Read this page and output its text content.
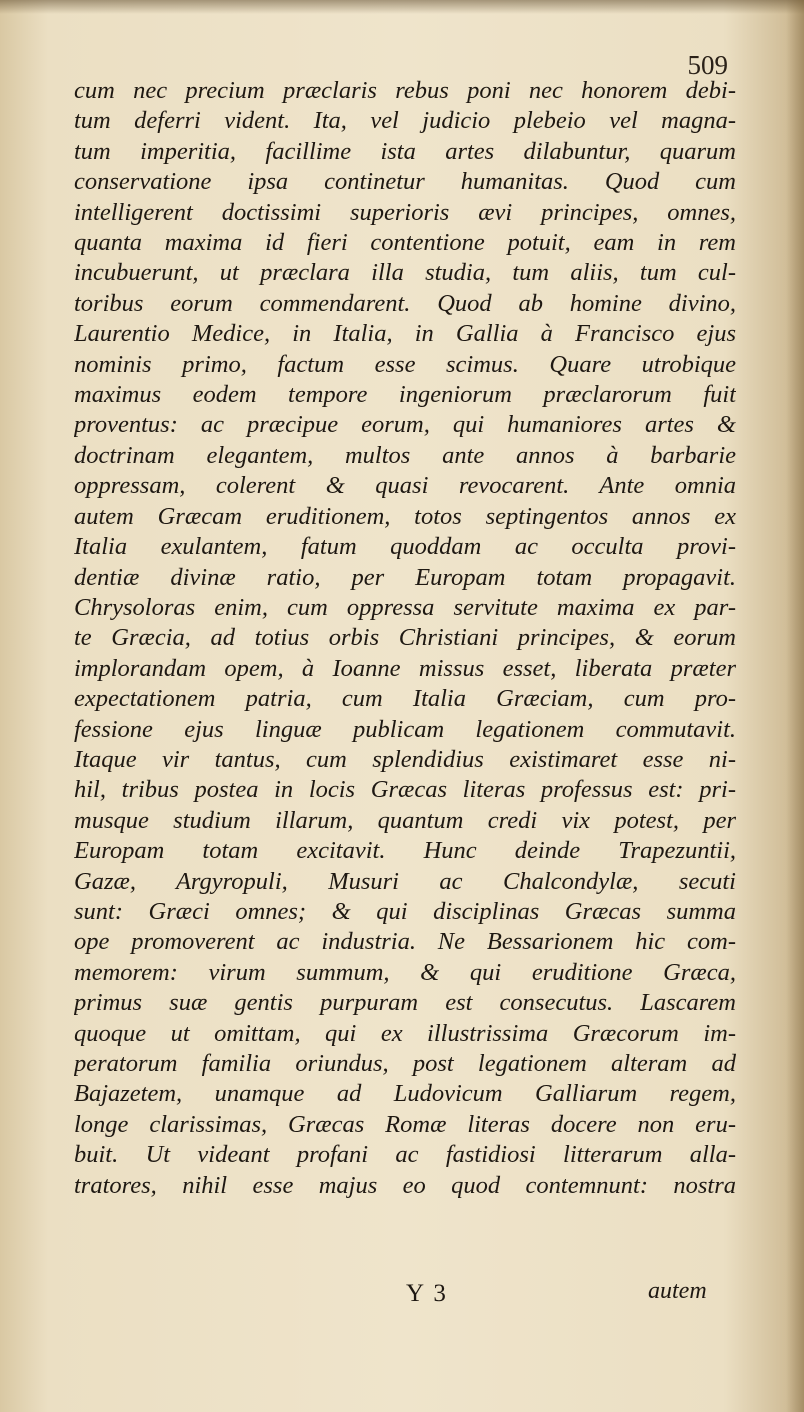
509
cum nec precium præclaris rebus poni nec honorem debi-
tum deferri vident. Ita, vel judicio plebeio vel magna-
tum imperitia, facillime ista artes dilabuntur, quarum
conservatione ipsa continetur humanitas. Quod cum
intelligerent doctissimi superioris ævi principes, omnes,
quanta maxima id fieri contentione potuit, eam in rem
incubuerunt, ut præclara illa studia, tum aliis, tum cul-
toribus eorum commendarent. Quod ab homine divino,
Laurentio Medice, in Italia, in Gallia à Francisco ejus
nominis primo, factum esse scimus. Quare utrobique
maximus eodem tempore ingeniorum præclarorum fuit
proventus: ac præcipue eorum, qui humaniores artes &
doctrinam elegantem, multos ante annos à barbarie
oppressam, colerent & quasi revocarent. Ante omnia
autem Græcam eruditionem, totos septingentos annos ex
Italia exulantem, fatum quoddam ac occulta provi-
dentiæ divinæ ratio, per Europam totam propagavit.
Chrysoloras enim, cum oppressa servitute maxima ex par-
te Græcia, ad totius orbis Christiani principes, & eorum
implorandam opem, à Ioanne missus esset, liberata præter
expectationem patria, cum Italia Græciam, cum pro-
fessione ejus linguæ publicam legationem commutavit.
Itaque vir tantus, cum splendidius existimaret esse ni-
hil, tribus postea in locis Græcas literas professus est: pri-
musque studium illarum, quantum credi vix potest, per
Europam totam excitavit. Hunc deinde Trapezuntii,
Gazæ, Argyropuli, Musuri ac Chalcondylæ, secuti
sunt: Græci omnes; & qui disciplinas Græcas summa
ope promoverent ac industria. Ne Bessarionem hic com-
memorem: virum summum, & qui eruditione Græca,
primus suæ gentis purpuram est consecutus. Lascarem
quoque ut omittam, qui ex illustrissima Græcorum im-
peratorum familia oriundus, post legationem alteram ad
Bajazetem, unamque ad Ludovicum Galliarum regem,
longe clarissimas, Græcas Romæ literas docere non eru-
buit. Ut videant profani ac fastidiosi litterarum alla-
tratores, nihil esse majus eo quod contemnunt: nostra
Y 3	autem
